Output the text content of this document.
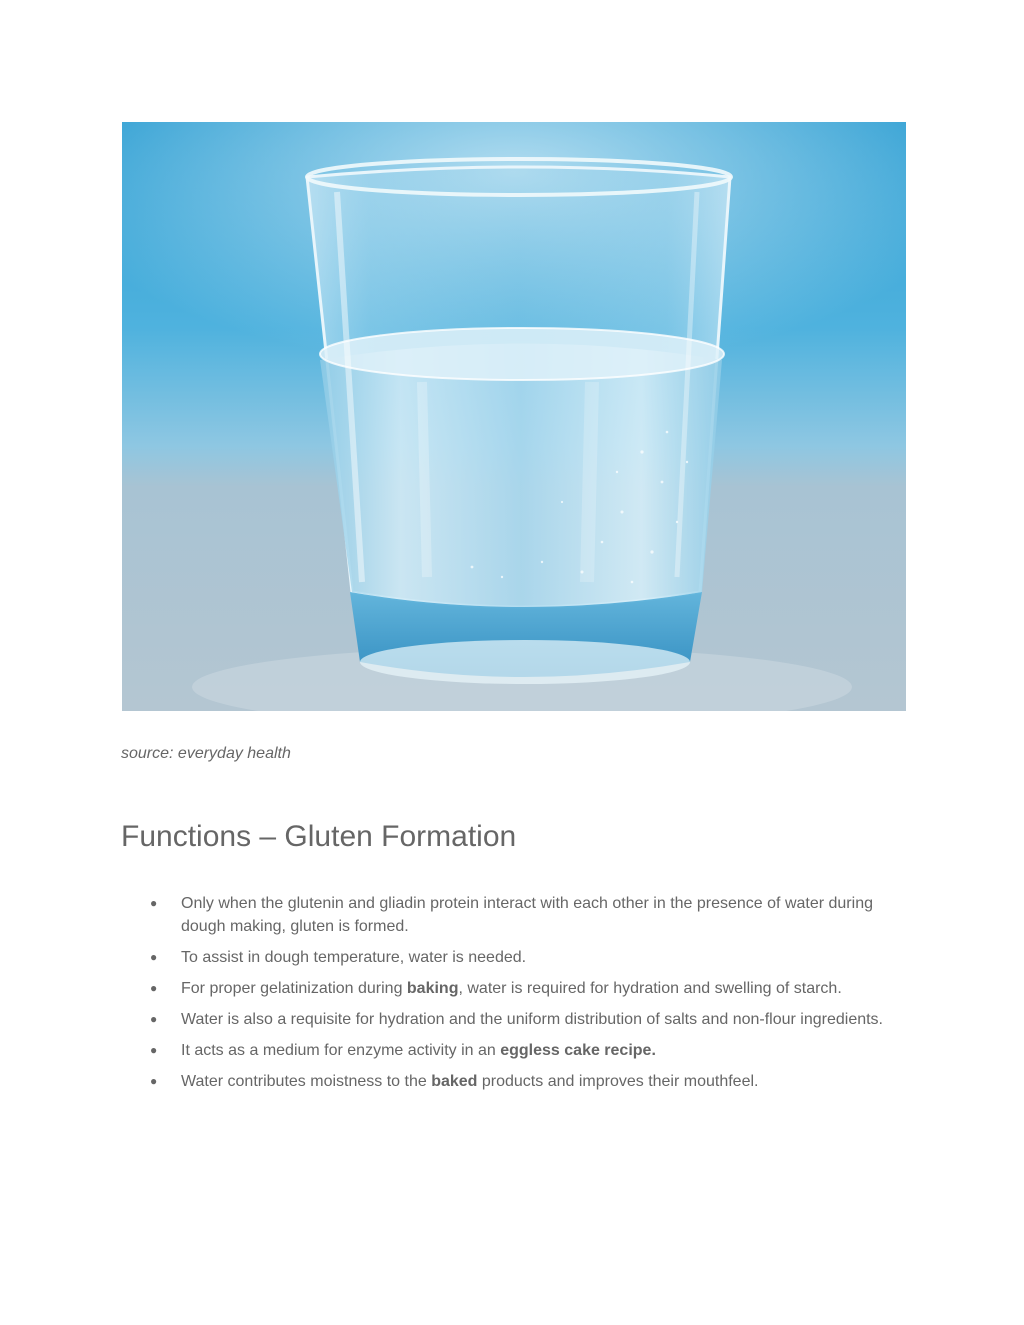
source: everyday health

Functions – Gluten Formation
● Only when the glutenin and gliadin protein interact with each other in the presence of water during dough making, gluten is formed.
● To assist in dough temperature, water is needed.
● For proper gelatinization during baking, water is required for hydration and swelling of starch.
● Water is also a requisite for hydration and the uniform distribution of salts and non-flour ingredients.
● It acts as a medium for enzyme activity in an eggless cake recipe.
● Water contributes moistness to the baked products and improves their mouthfeel.
